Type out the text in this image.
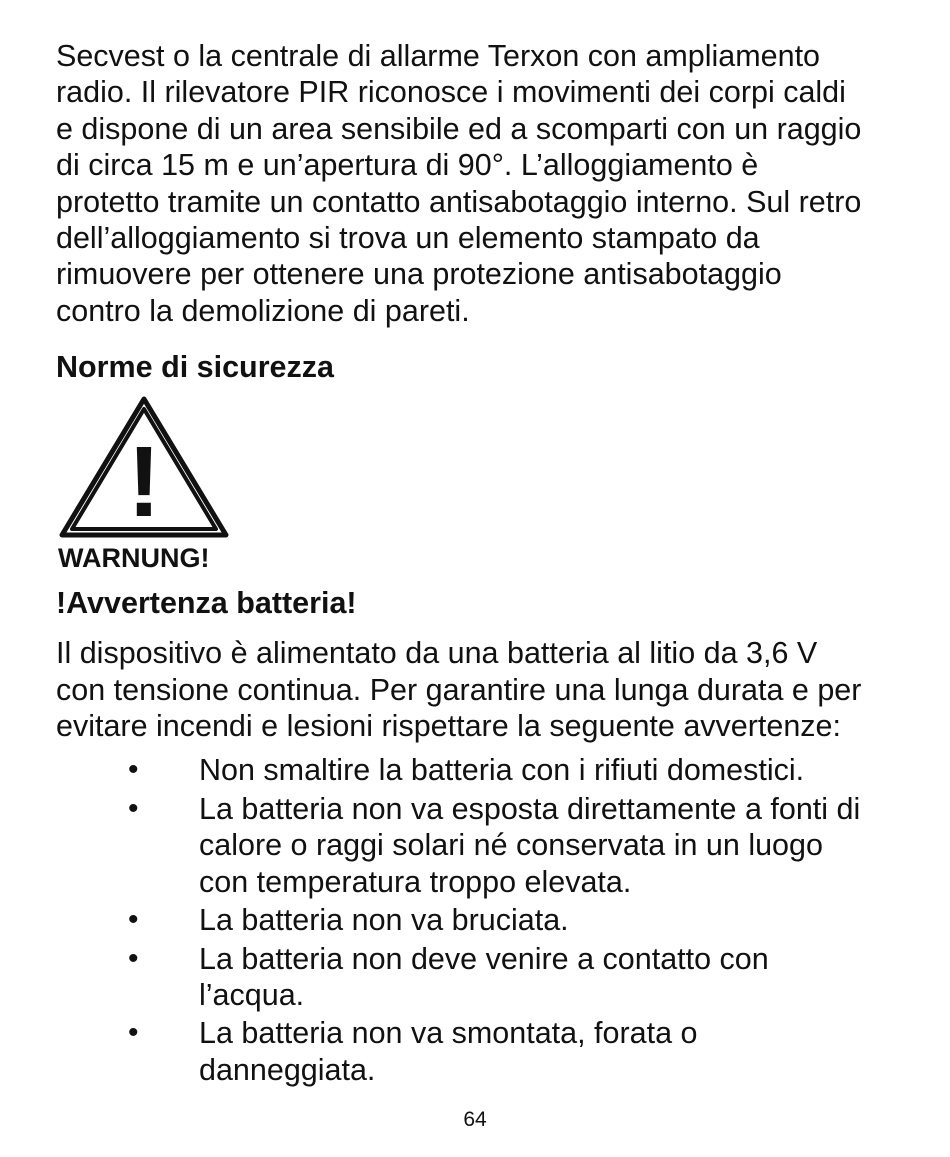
Secvest o la centrale di allarme Terxon con ampliamento
radio. Il rilevatore PIR riconosce i movimenti dei corpi caldi
e dispone di un area sensibile ed a scomparti con un raggio
di circa 15 m e un’apertura di 90°. L’alloggiamento è
protetto tramite un contatto antisabotaggio interno. Sul retro
dell’alloggiamento si trova un elemento stampato da
rimuovere per ottenere una protezione antisabotaggio
contro la demolizione di pareti.

Norme di sicurezza
!
WARNUNG!
!Avvertenza batteria!

Il dispositivo è alimentato da una batteria al litio da 3,6 V
con tensione continua. Per garantire una lunga durata e per
evitare incendi e lesioni rispettare la seguente avvertenze:

• Non smaltire la batteria con i rifiuti domestici.
• La batteria non va esposta direttamente a fonti di
calore o raggi solari né conservata in un luogo
con temperatura troppo elevata.
• La batteria non va bruciata.
• La batteria non deve venire a contatto con
l’acqua.
• La batteria non va smontata, forata o
danneggiata.
64
